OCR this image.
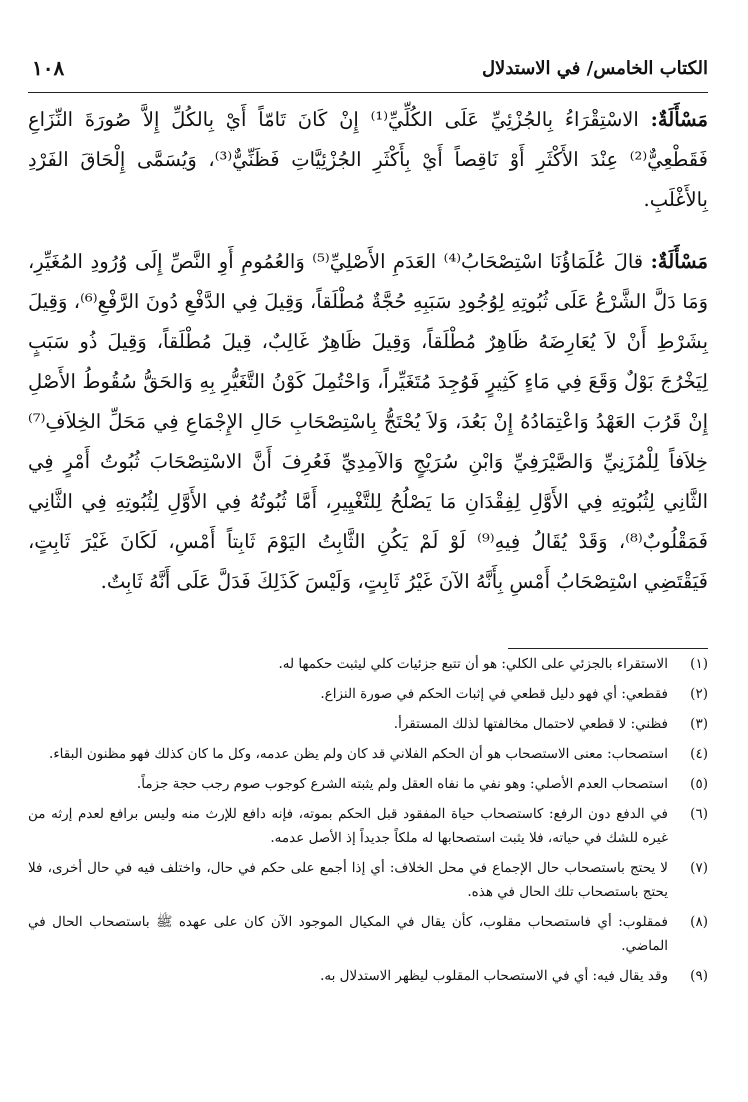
الكتاب الخامس/ في الاستدلال
١٠٨

مَسْأَلَةٌ: الاسْتِقْرَاءُ بِالجُزْئِيِّ عَلَى الكُلِّيِّ⁽¹⁾ إِنْ كَانَ تَامّاً أَيْ بِالكُلِّ إِلاَّ صُورَةَ النِّزَاعِ فَقَطْعِيٌّ⁽²⁾ عِنْدَ الأَكْثَرِ أَوْ نَاقِصاً أَيْ بِأَكْثَرِ الجُزْئِيَّاتِ فَظَنِّيٌّ⁽³⁾، وَيُسَمَّى إِلْحَاقَ الفَرْدِ بِالأَغْلَبِ.

مَسْأَلَةٌ: قالَ عُلَمَاؤُنَا اسْتِصْحَابُ⁽⁴⁾ العَدَمِ الأَصْلِيِّ⁽⁵⁾ وَالعُمُومِ أَوِ النَّصِّ إِلَى وُرُودِ المُغَيِّرِ، وَمَا دَلَّ الشَّرْعُ عَلَى ثُبُوتِهِ لِوُجُودِ سَبَبِهِ حُجَّةٌ مُطْلَقاً، وَقِيلَ فِي الدَّفْعِ دُونَ الرَّفْعِ⁽⁶⁾، وَقِيلَ بِشَرْطِ أَنْ لاَ يُعَارِضَهُ ظَاهِرٌ مُطْلَقاً، وَقِيلَ ظَاهِرٌ غَالِبٌ، قِيلَ مُطْلَقاً، وَقِيلَ ذُو سَبَبٍ لِيَخْرُجَ بَوْلٌ وَقَعَ فِي مَاءٍ كَثِيرٍ فَوُجِدَ مُتَغَيِّراً، وَاحْتُمِلَ كَوْنُ التَّغَيُّرِ بِهِ وَالحَقُّ سُقُوطُ الأَصْلِ إِنْ قَرُبَ العَهْدُ وَاعْتِمَادُهُ إِنْ بَعُدَ، وَلاَ يُحْتَجُّ بِاسْتِصْحَابِ حَالِ الإِجْمَاعِ فِي مَحَلِّ الخِلاَفِ⁽⁷⁾ خِلاَفاً لِلْمُزَنِيِّ وَالصَّيْرَفِيِّ وَابْنِ سُرَيْجٍ وَالآمِدِيِّ فَعُرِفَ أَنَّ الاسْتِصْحَابَ ثُبُوتُ أَمْرٍ فِي الثَّانِي لِثُبُوتِهِ فِي الأَوَّلِ لِفِقْدَانِ مَا يَصْلُحُ لِلتَّغْيِيرِ، أَمَّا ثُبُوتُهُ فِي الأَوَّلِ لِثُبُوتِهِ فِي الثَّانِي فَمَقْلُوبٌ⁽⁸⁾، وَقَدْ يُقَالُ فِيهِ⁽⁹⁾ لَوْ لَمْ يَكُنِ الثَّابِتُ اليَوْمَ ثَابِتاً أَمْسِ، لَكَانَ غَيْرَ ثَابِتٍ، فَيَقْتَضِي اسْتِصْحَابُ أَمْسِ بِأَنَّهُ الآنَ غَيْرُ ثَابِتٍ، وَلَيْسَ كَذَلِكَ فَدَلَّ عَلَى أَنَّهُ ثَابِتٌ.

(١)
الاستقراء بالجزئي على الكلي: هو أن تتبع جزئيات كلي ليثبت حكمها له.
(٢)
فقطعي: أي فهو دليل قطعي في إثبات الحكم في صورة النزاع.
(٣)
فظني: لا قطعي لاحتمال مخالفتها لذلك المستقرأ.
(٤)
استصحاب: معنى الاستصحاب هو أن الحكم الفلاني قد كان ولم يظن عدمه، وكل ما كان كذلك فهو مظنون البقاء.
(٥)
استصحاب العدم الأصلي: وهو نفي ما نفاه العقل ولم يثبته الشرع كوجوب صوم رجب حجة جزماً.
(٦)
في الدفع دون الرفع: كاستصحاب حياة المفقود قبل الحكم بموته، فإنه دافع للإرث منه وليس برافع لعدم إرثه من غيره للشك في حياته، فلا يثبت استصحابها له ملكاً جديداً إذ الأصل عدمه.
(٧)
لا يحتج باستصحاب حال الإجماع في محل الخلاف: أي إذا أجمع على حكم في حال، واختلف فيه في حال أخرى، فلا يحتج باستصحاب تلك الحال في هذه.
(٨)
فمقلوب: أي فاستصحاب مقلوب، كأن يقال في المكيال الموجود الآن كان على عهده ﷺ باستصحاب الحال في الماضي.
(٩)
وقد يقال فيه: أي في الاستصحاب المقلوب ليظهر الاستدلال به.
